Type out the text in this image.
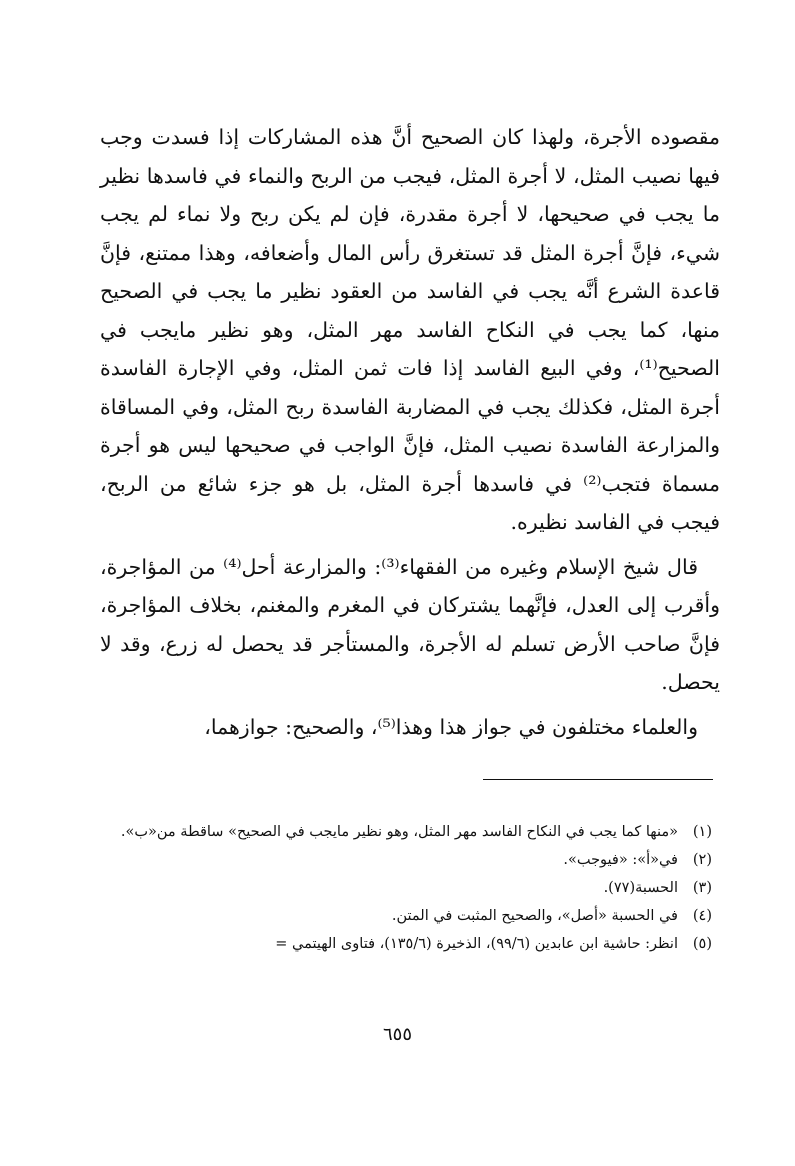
مقصوده الأجرة، ولهذا كان الصحيح أنَّ هذه المشاركات إذا فسدت وجب فيها نصيب المثل، لا أجرة المثل، فيجب من الربح والنماء في فاسدها نظير ما يجب في صحيحها، لا أجرة مقدرة، فإن لم يكن ربح ولا نماء لم يجب شيء، فإنَّ أجرة المثل قد تستغرق رأس المال وأضعافه، وهذا ممتنع، فإنَّ قاعدة الشرع أنَّه يجب في الفاسد من العقود نظير ما يجب في الصحيح منها، كما يجب في النكاح الفاسد مهر المثل، وهو نظير مايجب في الصحيح⁽¹⁾، وفي البيع الفاسد إذا فات ثمن المثل، وفي الإجارة الفاسدة أجرة المثل، فكذلك يجب في المضاربة الفاسدة ربح المثل، وفي المساقاة والمزارعة الفاسدة نصيب المثل، فإنَّ الواجب في صحيحها ليس هو أجرة مسماة فتجب⁽²⁾ في فاسدها أجرة المثل، بل هو جزء شائع من الربح، فيجب في الفاسد نظيره.

قال شيخ الإسلام وغيره من الفقهاء⁽³⁾: والمزارعة أحل⁽⁴⁾ من المؤاجرة، وأقرب إلى العدل، فإنَّهما يشتركان في المغرم والمغنم، بخلاف المؤاجرة، فإنَّ صاحب الأرض تسلم له الأجرة، والمستأجر قد يحصل له زرع، وقد لا يحصل.

والعلماء مختلفون في جواز هذا وهذا⁽⁵⁾، والصحيح: جوازهما،

(١)
«منها كما يجب في النكاح الفاسد مهر المثل، وهو نظير مايجب في الصحيح» ساقطة من«ب».
(٢)
في«أ»: «فيوجب».
(٣)
الحسبة(٧٧).
(٤)
في الحسبة «أصل»، والصحيح المثبت في المتن.
(٥)
انظر: حاشية ابن عابدين (٩٩/٦)، الذخيرة (١٣٥/٦)، فتاوى الهيتمي =
٦٥٥
